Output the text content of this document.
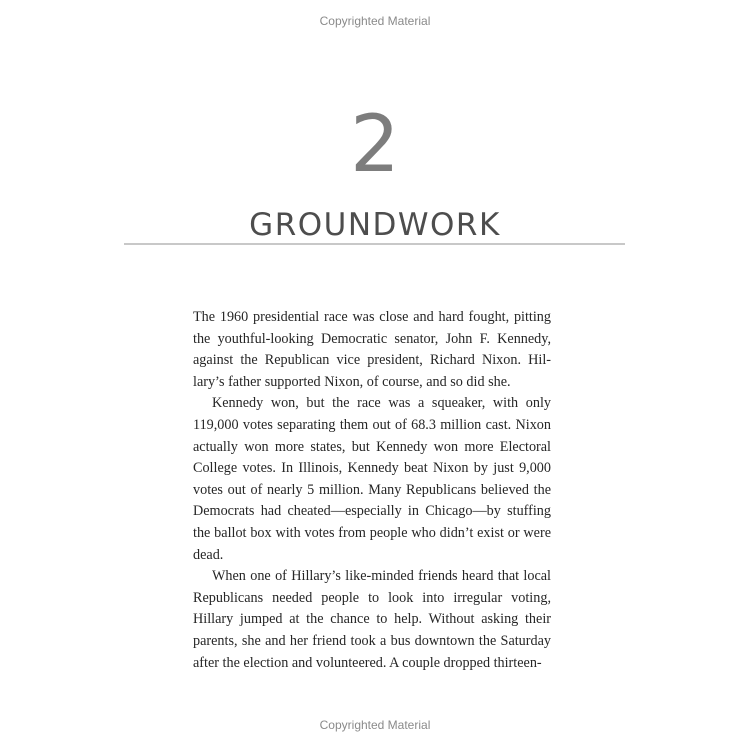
Copyrighted Material
2
GROUNDWORK

The 1960 presidential race was close and hard fought, pitting the youthful-looking Democratic senator, John F. Kennedy, against the Republican vice president, Richard Nixon. Hillary’s father supported Nixon, of course, and so did she.

Kennedy won, but the race was a squeaker, with only 119,000 votes separating them out of 68.3 million cast. Nixon actually won more states, but Kennedy won more Electoral College votes. In Illinois, Kennedy beat Nixon by just 9,000 votes out of nearly 5 million. Many Republicans believed the Democrats had cheated—especially in Chicago—by stuffing the ballot box with votes from people who didn’t exist or were dead.

When one of Hillary’s like-minded friends heard that local Republicans needed people to look into irregular voting, Hillary jumped at the chance to help. Without asking their parents, she and her friend took a bus downtown the Saturday after the election and volunteered. A couple dropped thirteen-

Copyrighted Material
